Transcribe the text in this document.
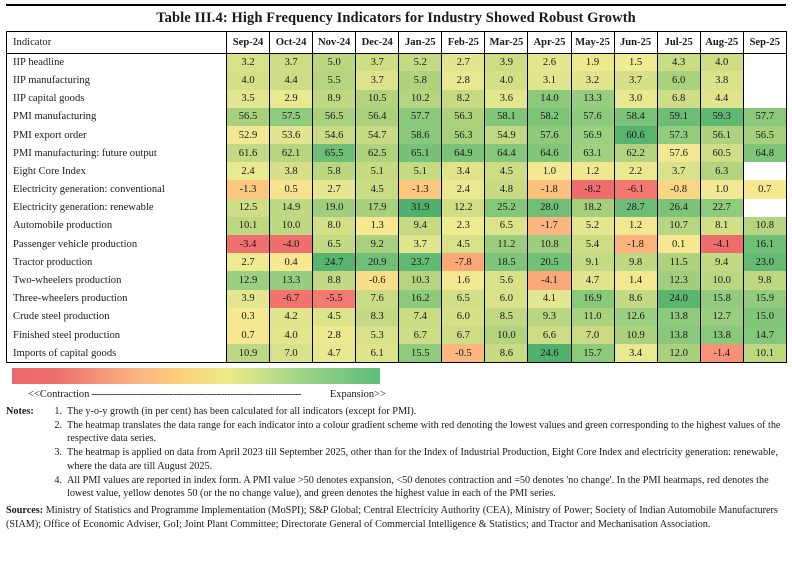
Table III.4: High Frequency Indicators for Industry Showed Robust Growth
Indicator	Sep-24	Oct-24	Nov-24	Dec-24	Jan-25	Feb-25	Mar-25	Apr-25	May-25	Jun-25	Jul-25	Aug-25	Sep-25
IIP headline	3.2	3.7	5.0	3.7	5.2	2.7	3.9	2.6	1.9	1.5	4.3	4.0	
IIP manufacturing	4.0	4.4	5.5	3.7	5.8	2.8	4.0	3.1	3.2	3.7	6.0	3.8	
IIP capital goods	3.5	2.9	8.9	10.5	10.2	8.2	3.6	14.0	13.3	3.0	6.8	4.4	
PMI manufacturing	56.5	57.5	56.5	56.4	57.7	56.3	58.1	58.2	57.6	58.4	59.1	59.3	57.7
PMI export order	52.9	53.6	54.6	54.7	58.6	56.3	54.9	57.6	56.9	60.6	57.3	56.1	56.5
PMI manufacturing: future output	61.6	62.1	65.5	62.5	65.1	64.9	64.4	64.6	63.1	62.2	57.6	60.5	64.8
Eight Core Index	2.4	3.8	5.8	5.1	5.1	3.4	4.5	1.0	1.2	2.2	3.7	6.3	
Electricity generation: conventional	-1.3	0.5	2.7	4.5	-1.3	2.4	4.8	-1.8	-8.2	-6.1	-0.8	1.0	0.7
Electricity generation: renewable	12.5	14.9	19.0	17.9	31.9	12.2	25.2	28.0	18.2	28.7	26.4	22.7	
Automobile production	10.1	10.0	8.0	1.3	9.4	2.3	6.5	-1.7	5.2	1.2	10.7	8.1	10.8
Passenger vehicle production	-3.4	-4.0	6.5	9.2	3.7	4.5	11.2	10.8	5.4	-1.8	0.1	-4.1	16.1
Tractor production	2.7	0.4	24.7	20.9	23.7	-7.8	18.5	20.5	9.1	9.8	11.5	9.4	23.0
Two-wheelers production	12.9	13.3	8.8	-0.6	10.3	1.6	5.6	-4.1	4.7	1.4	12.3	10.0	9.8
Three-wheelers production	3.9	-6.7	-5.5	7.6	16.2	6.5	6.0	4.1	16.9	8.6	24.0	15.8	15.9
Crude steel production	0.3	4.2	4.5	8.3	7.4	6.0	8.5	9.3	11.0	12.6	13.8	12.7	15.0
Finished steel production	0.7	4.0	2.8	5.3	6.7	6.7	10.0	6.6	7.0	10.9	13.8	13.8	14.7
Imports of capital goods	10.9	7.0	4.7	6.1	15.5	-0.5	8.6	24.6	15.7	3.4	12.0	-1.4	10.1
<<Contraction --------------------------------------------------------------------------	Expansion>>
Notes:	1. The y-o-y growth (in per cent) has been calculated for all indicators (except for PMI).
2. The heatmap translates the data range for each indicator into a colour gradient scheme with red denoting the lowest values and green corresponding to the highest values of the respective data series.
3. The heatmap is applied on data from April 2023 till September 2025, other than for the Index of Industrial Production, Eight Core Index and electricity generation: renewable, where the data are till August 2025.
4. All PMI values are reported in index form. A PMI value >50 denotes expansion, <50 denotes contraction and =50 denotes 'no change'. In the PMI heatmaps, red denotes the lowest value, yellow denotes 50 (or the no change value), and green denotes the highest value in each of the PMI series.
Sources: Ministry of Statistics and Programme Implementation (MoSPI); S&P Global; Central Electricity Authority (CEA), Ministry of Power; Society of Indian Automobile Manufacturers (SIAM); Office of Economic Adviser, GoI; Joint Plant Committee; Directorate General of Commercial Intelligence & Statistics; and Tractor and Mechanisation Association.
